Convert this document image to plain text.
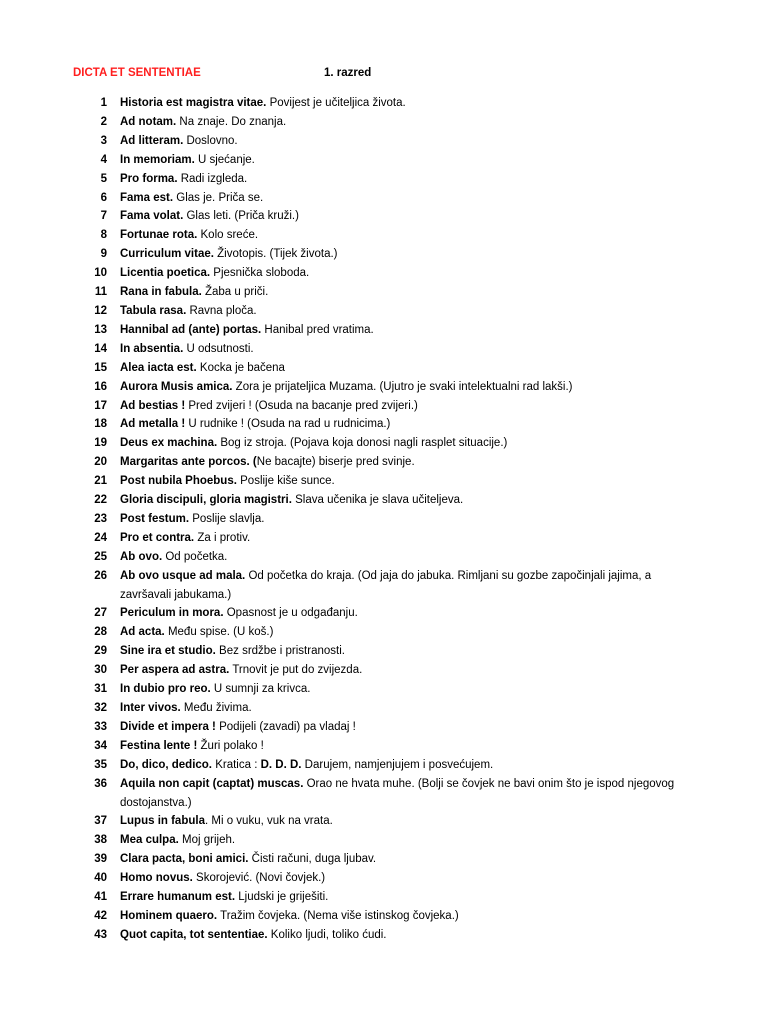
DICTA ET SENTENTIAE	1. razred
1 Historia est magistra vitae. Povijest je učiteljica života.
2 Ad notam. Na znaje. Do znanja.
3 Ad litteram. Doslovno.
4 In memoriam. U sjećanje.
5 Pro forma. Radi izgleda.
6 Fama est. Glas je. Priča se.
7 Fama volat. Glas leti. (Priča kruži.)
8 Fortunae rota. Kolo sreće.
9 Curriculum vitae. Životopis. (Tijek života.)
10 Licentia poetica. Pjesnička sloboda.
11 Rana in fabula. Žaba u priči.
12 Tabula rasa. Ravna ploča.
13 Hannibal ad (ante) portas. Hanibal pred vratima.
14 In absentia. U odsutnosti.
15 Alea iacta est. Kocka je bačena
16 Aurora Musis amica. Zora je prijateljica Muzama. (Ujutro je svaki intelektualni rad lakši.)
17 Ad bestias ! Pred zvijeri ! (Osuda na bacanje pred zvijeri.)
18 Ad metalla ! U rudnike ! (Osuda na rad u rudnicima.)
19 Deus ex machina. Bog iz stroja. (Pojava koja donosi nagli rasplet situacije.)
20 Margaritas ante porcos. (Ne bacajte) biserje pred svinje.
21 Post nubila Phoebus. Poslije kiše sunce.
22 Gloria discipuli, gloria magistri. Slava učenika je slava učiteljeva.
23 Post festum. Poslije slavlja.
24 Pro et contra. Za i protiv.
25 Ab ovo. Od početka.
26 Ab ovo usque ad mala. Od početka do kraja. (Od jaja do jabuka. Rimljani su gozbe započinjali jajima, a završavali jabukama.)
27 Periculum in mora. Opasnost je u odgađanju.
28 Ad acta. Među spise. (U koš.)
29 Sine ira et studio. Bez srdžbe i pristranosti.
30 Per aspera ad astra. Trnovit je put do zvijezda.
31 In dubio pro reo. U sumnji za krivca.
32 Inter vivos. Među živima.
33 Divide et impera ! Podijeli (zavadi) pa vladaj !
34 Festina lente ! Žuri polako !
35 Do, dico, dedico. Kratica : D. D. D. Darujem, namjenjujem i posvećujem.
36 Aquila non capit (captat) muscas. Orao ne hvata muhe. (Bolji se čovjek ne bavi onim što je ispod njegovog dostojanstva.)
37 Lupus in fabula. Mi o vuku, vuk na vrata.
38 Mea culpa. Moj grijeh.
39 Clara pacta, boni amici. Čisti računi, duga ljubav.
40 Homo novus. Skorojević. (Novi čovjek.)
41 Errare humanum est. Ljudski je griješiti.
42 Hominem quaero. Tražim čovjeka. (Nema više istinskog čovjeka.)
43 Quot capita, tot sententiae. Koliko ljudi, toliko ćudi.
